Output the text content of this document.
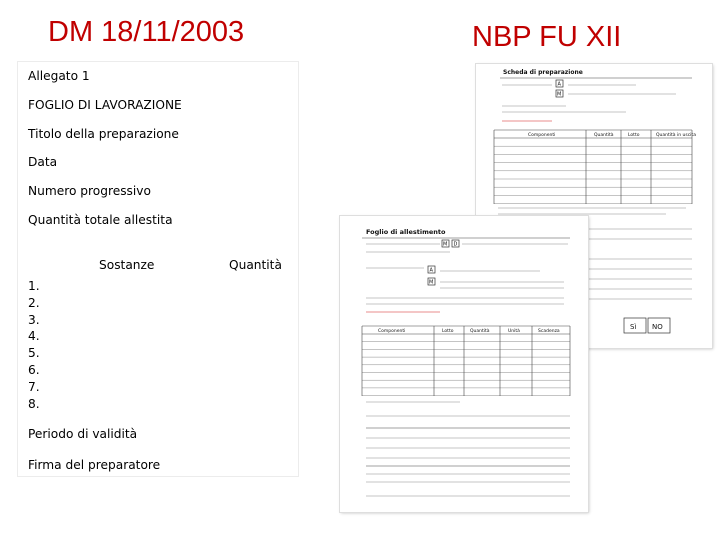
DM 18/11/2003	NBP FU XII
Allegato 1
FOGLIO DI LAVORAZIONE
Titolo della preparazione
Data
Numero progressivo
Quantità totale allestita
Sostanze	Quantità
1.
2.
3.
4.
5.
6.
7.
8.
Periodo di validità
Firma del preparatore
Scheda di preparazione
A
M
Componenti	Quantità	Lotto	Quantità in uscita
Sì NO
Foglio di allestimento
M D
A
M
Componenti	Lotto	Quantità	Unità	Scadenza
